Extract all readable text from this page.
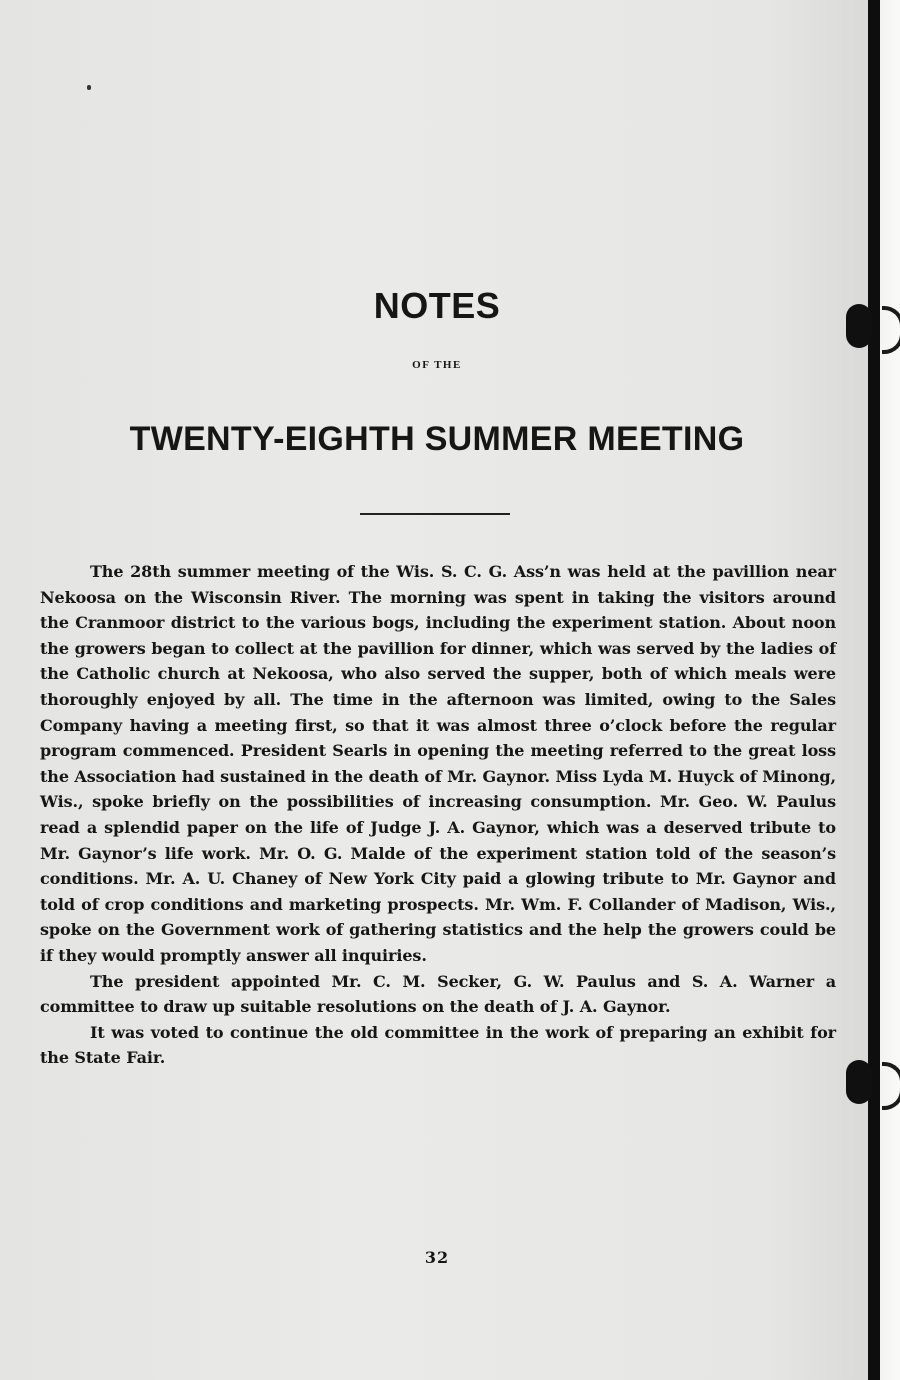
NOTES
OF THE
TWENTY-EIGHTH SUMMER MEETING

The 28th summer meeting of the Wis. S. C. G. Ass’n was held at the pavillion near Nekoosa on the Wisconsin River. The morning was spent in taking the visitors around the Cranmoor district to the various bogs, including the experiment station. About noon the growers began to collect at the pavillion for dinner, which was served by the ladies of the Catholic church at Nekoosa, who also served the supper, both of which meals were thoroughly enjoyed by all. The time in the afternoon was limited, owing to the Sales Company having a meeting first, so that it was almost three o’clock before the regular program commenced. President Searls in opening the meeting referred to the great loss the Association had sustained in the death of Mr. Gaynor. Miss Lyda M. Huyck of Minong, Wis., spoke briefly on the possibilities of increasing consumption. Mr. Geo. W. Paulus read a splendid paper on the life of Judge J. A. Gaynor, which was a deserved tribute to Mr. Gaynor’s life work. Mr. O. G. Malde of the experiment station told of the season’s conditions. Mr. A. U. Chaney of New York City paid a glowing tribute to Mr. Gaynor and told of crop conditions and marketing prospects. Mr. Wm. F. Collander of Madison, Wis., spoke on the Government work of gathering statistics and the help the growers could be if they would promptly answer all inquiries.

The president appointed Mr. C. M. Secker, G. W. Paulus and S. A. Warner a committee to draw up suitable resolutions on the death of J. A. Gaynor.

It was voted to continue the old committee in the work of preparing an exhibit for the State Fair.

32
